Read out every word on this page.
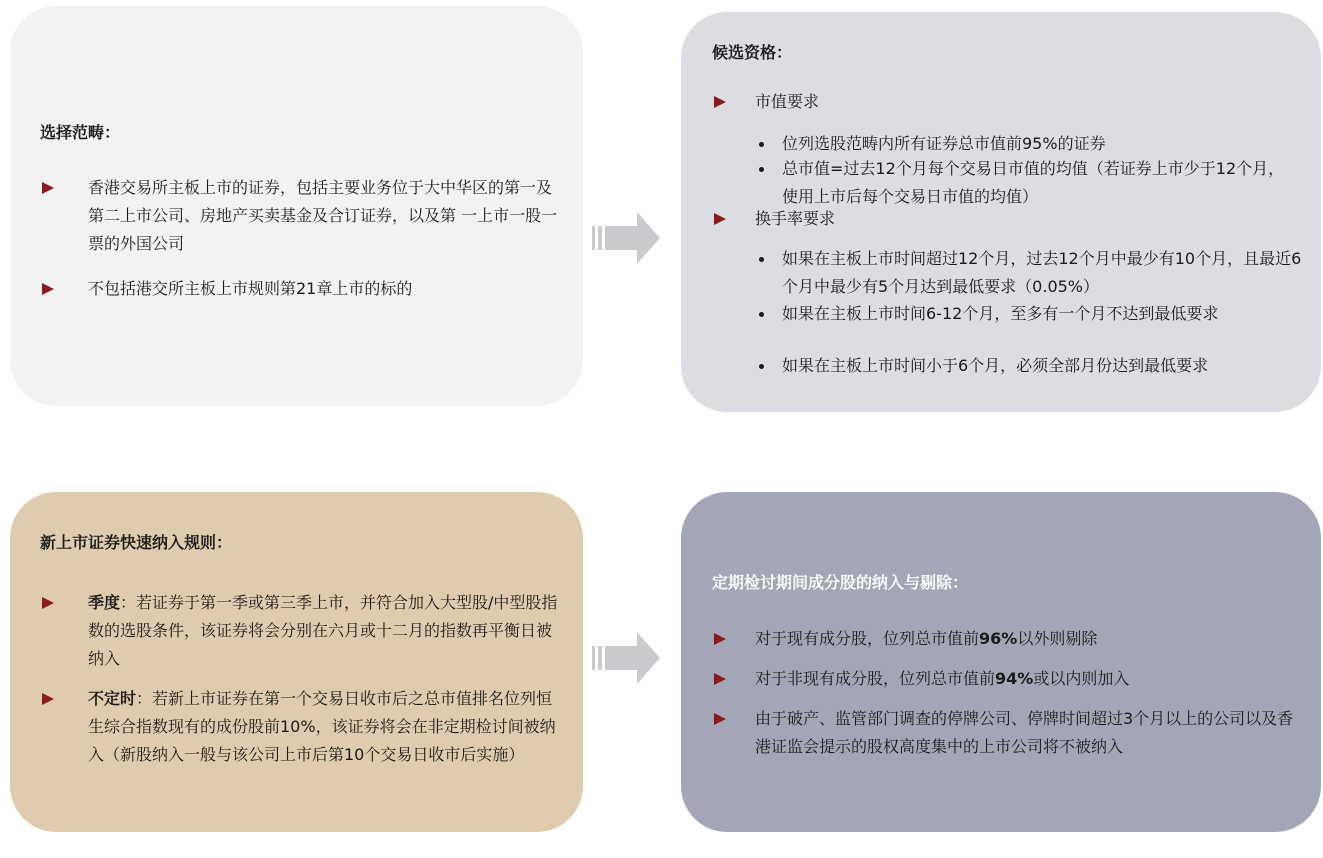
选择范畴：
香港交易所主板上市的证券，包括主要业务位于大中华区的第一及第二上市公司、房地产买卖基金及合订证券，以及第 一上市一股一票的外国公司
不包括港交所主板上市规则第21章上市的标的
候选资格：
市值要求
位列选股范畴内所有证券总市值前95%的证券
总市值=过去12个月每个交易日市值的均值（若证券上市少于12个月，使用上市后每个交易日市值的均值）
换手率要求
如果在主板上市时间超过12个月，过去12个月中最少有10个月，且最近6个月中最少有5个月达到最低要求（0.05%）
如果在主板上市时间6-12个月，至多有一个月不达到最低要求
如果在主板上市时间小于6个月，必须全部月份达到最低要求
新上市证券快速纳入规则：
季度：若证券于第一季或第三季上市，并符合加入大型股/中型股指数的选股条件，该证券将会分别在六月或十二月的指数再平衡日被纳入
不定时：若新上市证券在第一个交易日收市后之总市值排名位列恒生综合指数现有的成份股前10%，该证券将会在非定期检讨间被纳入（新股纳入一般与该公司上市后第10个交易日收市后实施）
定期检讨期间成分股的纳入与剔除：
对于现有成分股，位列总市值前96%以外则剔除
对于非现有成分股，位列总市值前94%或以内则加入
由于破产、监管部门调查的停牌公司、停牌时间超过3个月以上的公司以及香港证监会提示的股权高度集中的上市公司将不被纳入
